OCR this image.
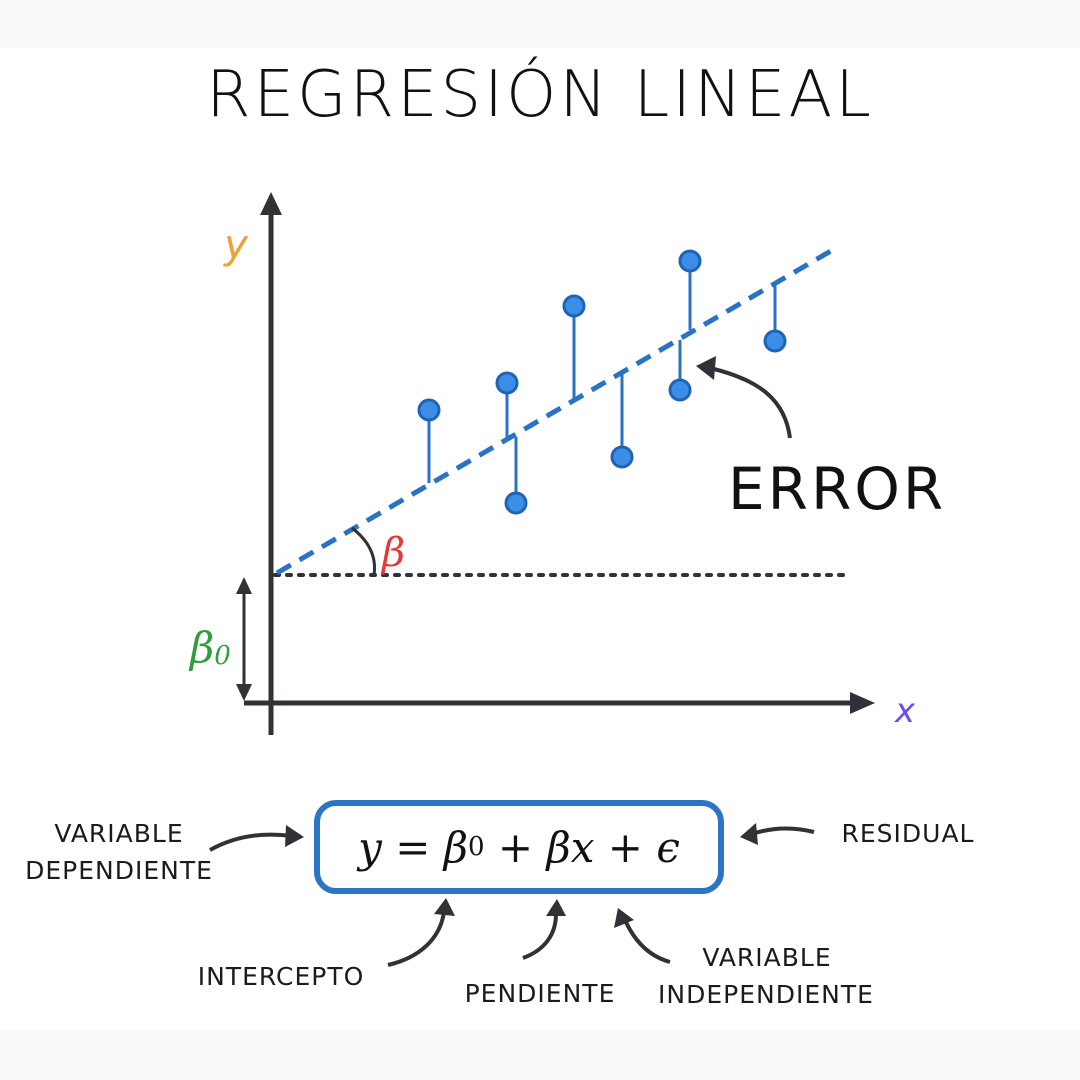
REGRESIÓN LINEAL
y
x
β0
β
ERROR
y = β 0 + βx + ϵ
VARIABLE
DEPENDIENTE
RESIDUAL
INTERCEPTO
PENDIENTE
VARIABLE
INDEPENDIENTE
